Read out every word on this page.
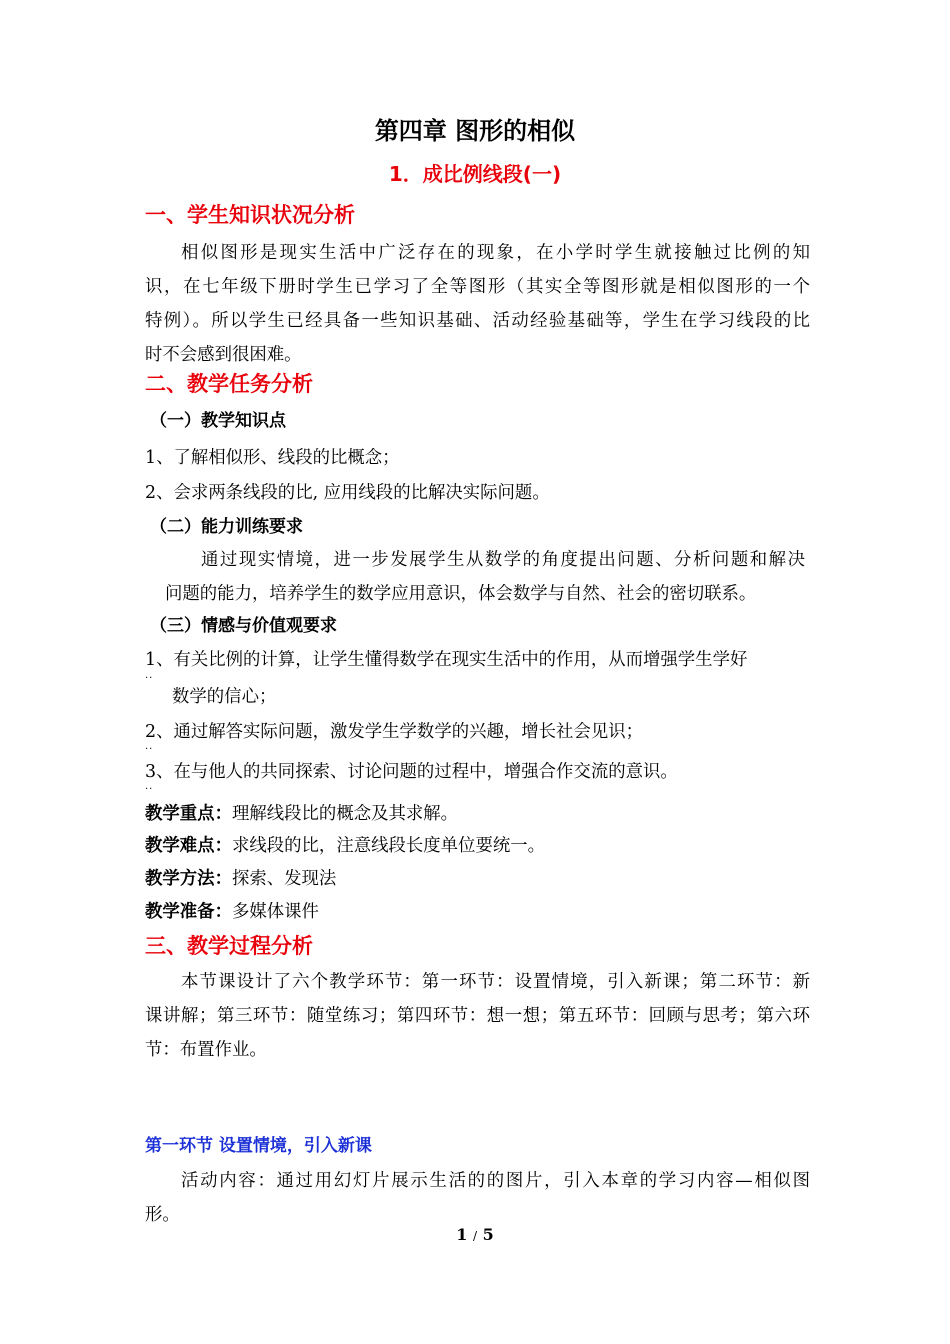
第四章 图形的相似
1．成比例线段(一)
一、学生知识状况分析
相似图形是现实生活中广泛存在的现象，在小学时学生就接触过比例的知
识，在七年级下册时学生已学习了全等图形（其实全等图形就是相似图形的一个
特例）。所以学生已经具备一些知识基础、活动经验基础等，学生在学习线段的比
时不会感到很困难。
二、教学任务分析
（一）教学知识点
1、了解相似形、线段的比概念；
2、会求两条线段的比, 应用线段的比解决实际问题。
（二）能力训练要求
通过现实情境，进一步发展学生从数学的角度提出问题、分析问题和解决
问题的能力，培养学生的数学应用意识，体会数学与自然、社会的密切联系。
（三）情感与价值观要求
1、有关比例的计算，让学生懂得数学在现实生活中的作用，从而增强学生学好
..
数学的信心；
2、通过解答实际问题，激发学生学数学的兴趣，增长社会见识；
..
3、在与他人的共同探索、讨论问题的过程中，增强合作交流的意识。
..
教学重点：理解线段比的概念及其求解。
教学难点：求线段的比，注意线段长度单位要统一。
教学方法：探索、发现法
教学准备：多媒体课件
三、教学过程分析
本节课设计了六个教学环节：第一环节：设置情境，引入新课；第二环节：新
课讲解；第三环节：随堂练习；第四环节：想一想；第五环节：回顾与思考；第六环
节：布置作业。
第一环节 设置情境，引入新课
活动内容：通过用幻灯片展示生活的的图片，引入本章的学习内容—相似图
形。
1 / 5
